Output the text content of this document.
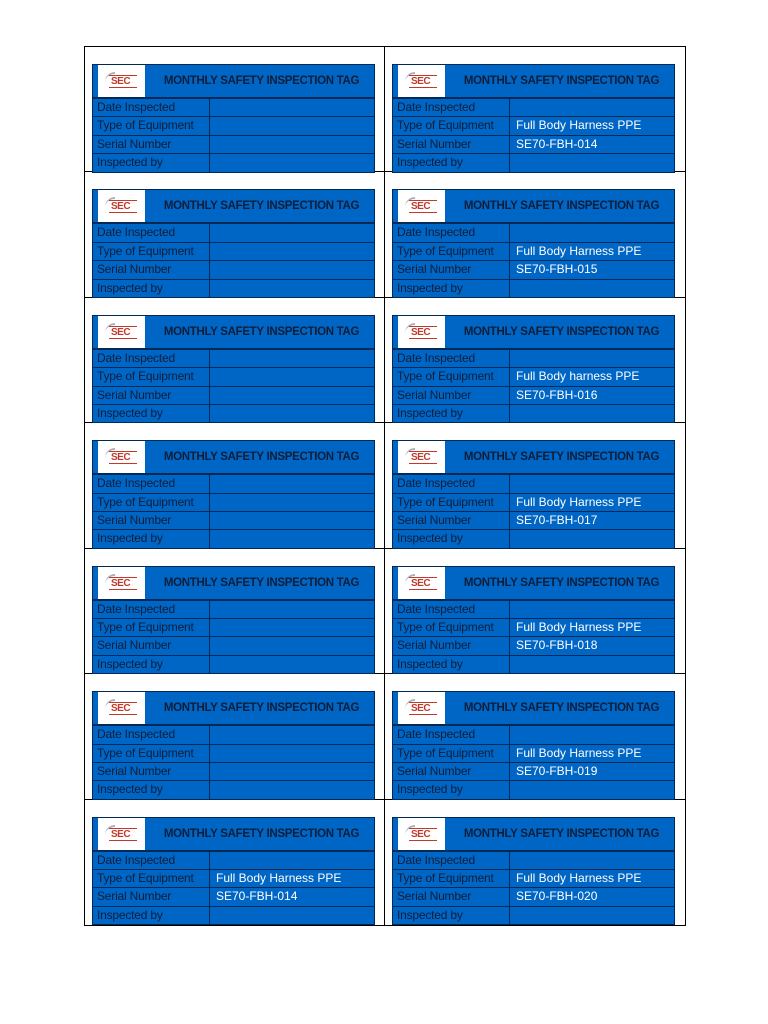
SEC	MONTHLY SAFETY INSPECTION TAG
Date Inspected
Type of Equipment
Serial Number
Inspected by
SEC	MONTHLY SAFETY INSPECTION TAG
Date Inspected
Type of Equipment	Full Body Harness PPE
Serial Number	SE70-FBH-014
Inspected by
SEC	MONTHLY SAFETY INSPECTION TAG
Date Inspected
Type of Equipment
Serial Number
Inspected by
SEC	MONTHLY SAFETY INSPECTION TAG
Date Inspected
Type of Equipment	Full Body Harness PPE
Serial Number	SE70-FBH-015
Inspected by
SEC	MONTHLY SAFETY INSPECTION TAG
Date Inspected
Type of Equipment
Serial Number
Inspected by
SEC	MONTHLY SAFETY INSPECTION TAG
Date Inspected
Type of Equipment	Full Body harness PPE
Serial Number	SE70-FBH-016
Inspected by
SEC	MONTHLY SAFETY INSPECTION TAG
Date Inspected
Type of Equipment
Serial Number
Inspected by
SEC	MONTHLY SAFETY INSPECTION TAG
Date Inspected
Type of Equipment	Full Body Harness PPE
Serial Number	SE70-FBH-017
Inspected by
SEC	MONTHLY SAFETY INSPECTION TAG
Date Inspected
Type of Equipment
Serial Number
Inspected by
SEC	MONTHLY SAFETY INSPECTION TAG
Date Inspected
Type of Equipment	Full Body Harness PPE
Serial Number	SE70-FBH-018
Inspected by
SEC	MONTHLY SAFETY INSPECTION TAG
Date Inspected
Type of Equipment
Serial Number
Inspected by
SEC	MONTHLY SAFETY INSPECTION TAG
Date Inspected
Type of Equipment	Full Body Harness PPE
Serial Number	SE70-FBH-019
Inspected by
SEC	MONTHLY SAFETY INSPECTION TAG
Date Inspected
Type of Equipment	Full Body Harness PPE
Serial Number	SE70-FBH-014
Inspected by
SEC	MONTHLY SAFETY INSPECTION TAG
Date Inspected
Type of Equipment	Full Body Harness PPE
Serial Number	SE70-FBH-020
Inspected by
